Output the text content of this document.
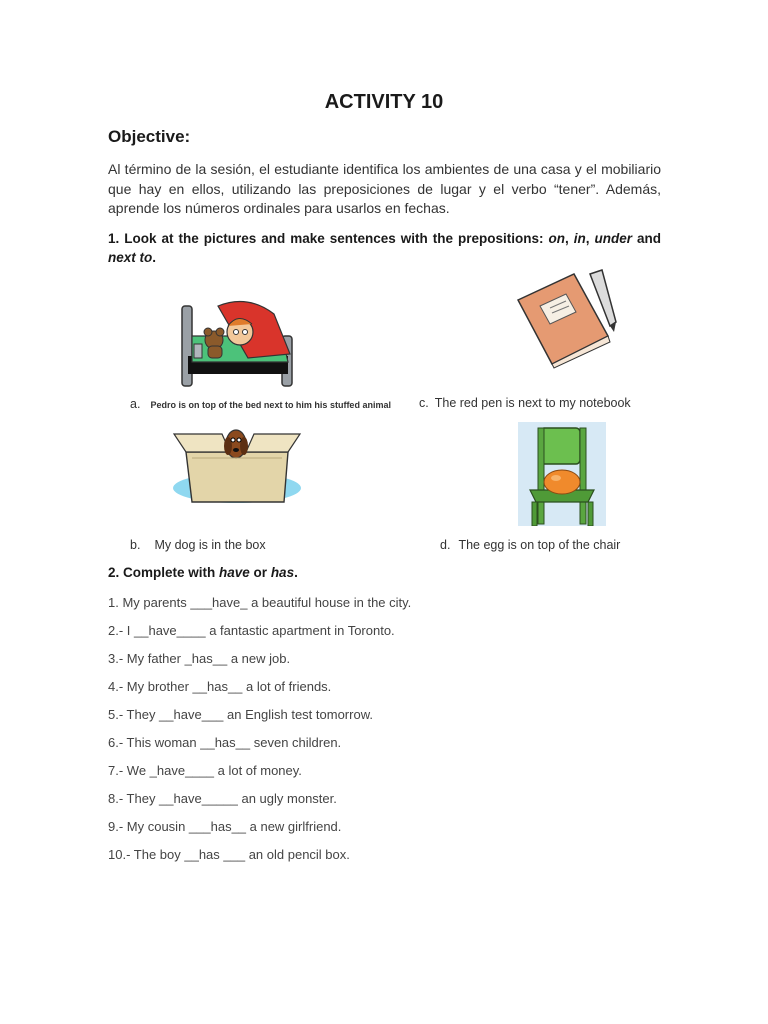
ACTIVITY 10
Objective:
Al término de la sesión, el estudiante identifica los ambientes de una casa y el mobiliario que hay en ellos, utilizando las preposiciones de lugar y el verbo “tener”. Además, aprende los números ordinales para usarlos en fechas.
1. Look at the pictures and make sentences with the prepositions: on, in, under and next to.
a. Pedro is on top of the bed next to him his stuffed animal c. The red pen is next to my notebook
b. My dog is in the box	d. The egg is on top of the chair
2. Complete with have or has.
1. My parents ___have_ a beautiful house in the city.
2.- I __have____ a fantastic apartment in Toronto.
3.- My father _has__ a new job.
4.- My brother __has__ a lot of friends.
5.- They __have___ an English test tomorrow.
6.- This woman __has__ seven children.
7.- We _have____ a lot of money.
8.- They __have_____ an ugly monster.
9.- My cousin ___has__ a new girlfriend.
10.- The boy __has ___ an old pencil box.
